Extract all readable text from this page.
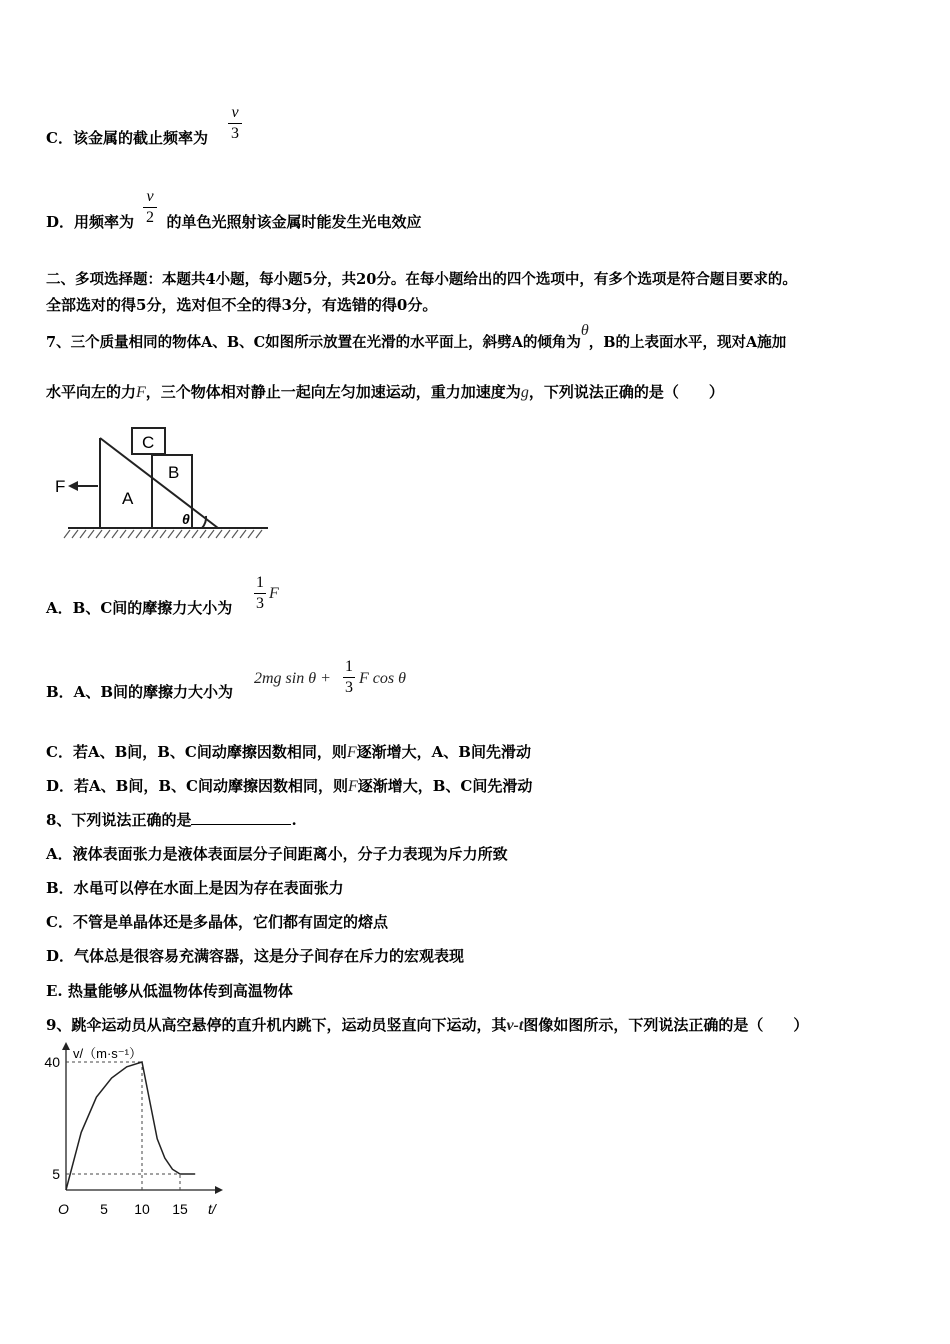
C．该金属的截止频率为
v
3
D．用频率为 的单色光照射该金属时能发生光电效应
v
2
二、多项选择题：本题共4小题，每小题5分，共20分。在每小题给出的四个选项中，有多个选项是符合题目要求的。
全部选对的得5分，选对但不全的得3分，有选错的得0分。
7、三个质量相同的物体A、B、C如图所示放置在光滑的水平面上，斜劈A的倾角为θ，B的上表面水平，现对A施加
水平向左的力F，三个物体相对静止一起向左匀加速运动，重力加速度为g，下列说法正确的是（　　）
C
B
A
F
θ
A．B、C间的摩擦力大小为
1
3
F
B．A、B间的摩擦力大小为
2mg sin θ +
1
3
F cos θ
C．若A、B间，B、C间动摩擦因数相同，则F逐渐增大，A、B间先滑动
D．若A、B间，B、C间动摩擦因数相同，则F逐渐增大，B、C间先滑动
8、下列说法正确的是	.
A．液体表面张力是液体表面层分子间距离小，分子力表现为斥力所致
B．水黾可以停在水面上是因为存在表面张力
C．不管是单晶体还是多晶体，它们都有固定的熔点
D．气体总是很容易充满容器，这是分子间存在斥力的宏观表现
E. 热量能够从低温物体传到高温物体
9、跳伞运动员从高空悬停的直升机内跳下，运动员竖直向下运动，其v-t图像如图所示，下列说法正确的是（　　）
v/（m·s⁻¹）
t/
O 5 10 15
40
5
